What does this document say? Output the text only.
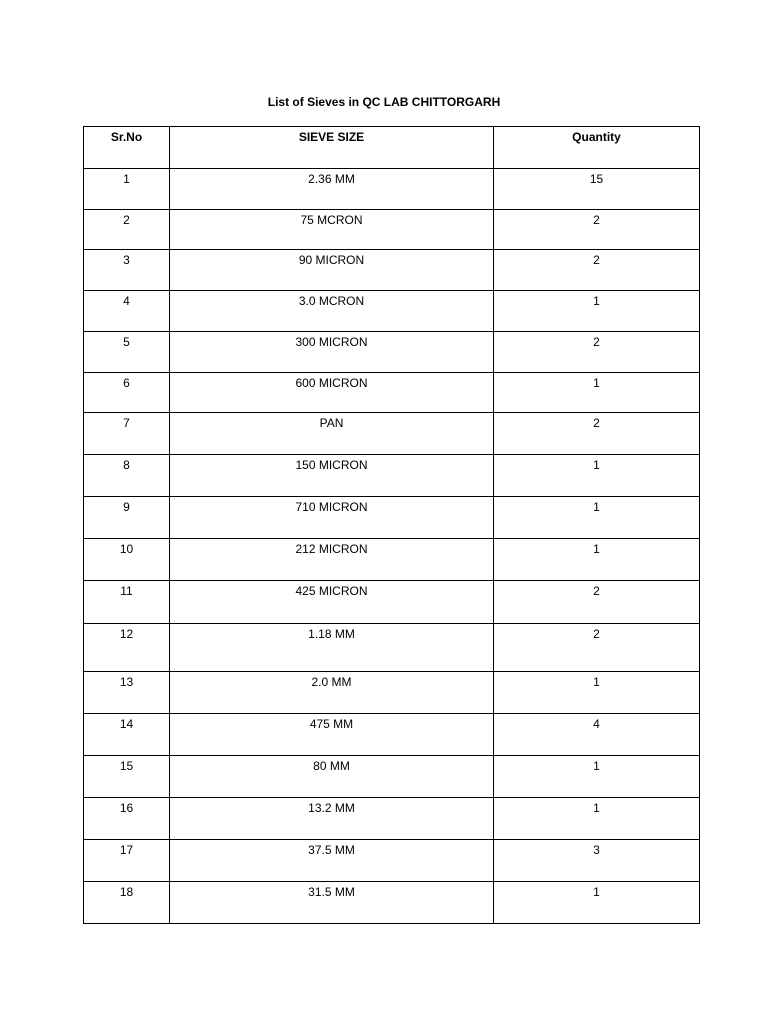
List of Sieves in QC LAB CHITTORGARH
Sr.No	SIEVE SIZE	Quantity
1	2.36 MM	15
2	75 MCRON	2
3	90 MICRON	2
4	3.0 MCRON	1
5	300 MICRON	2
6	600 MICRON	1
7	PAN	2
8	150 MICRON	1
9	710 MICRON	1
10	212 MICRON	1
11	425 MICRON	2
12	1.18 MM	2
13	2.0 MM	1
14	475 MM	4
15	80 MM	1
16	13.2 MM	1
17	37.5 MM	3
18	31.5 MM	1
